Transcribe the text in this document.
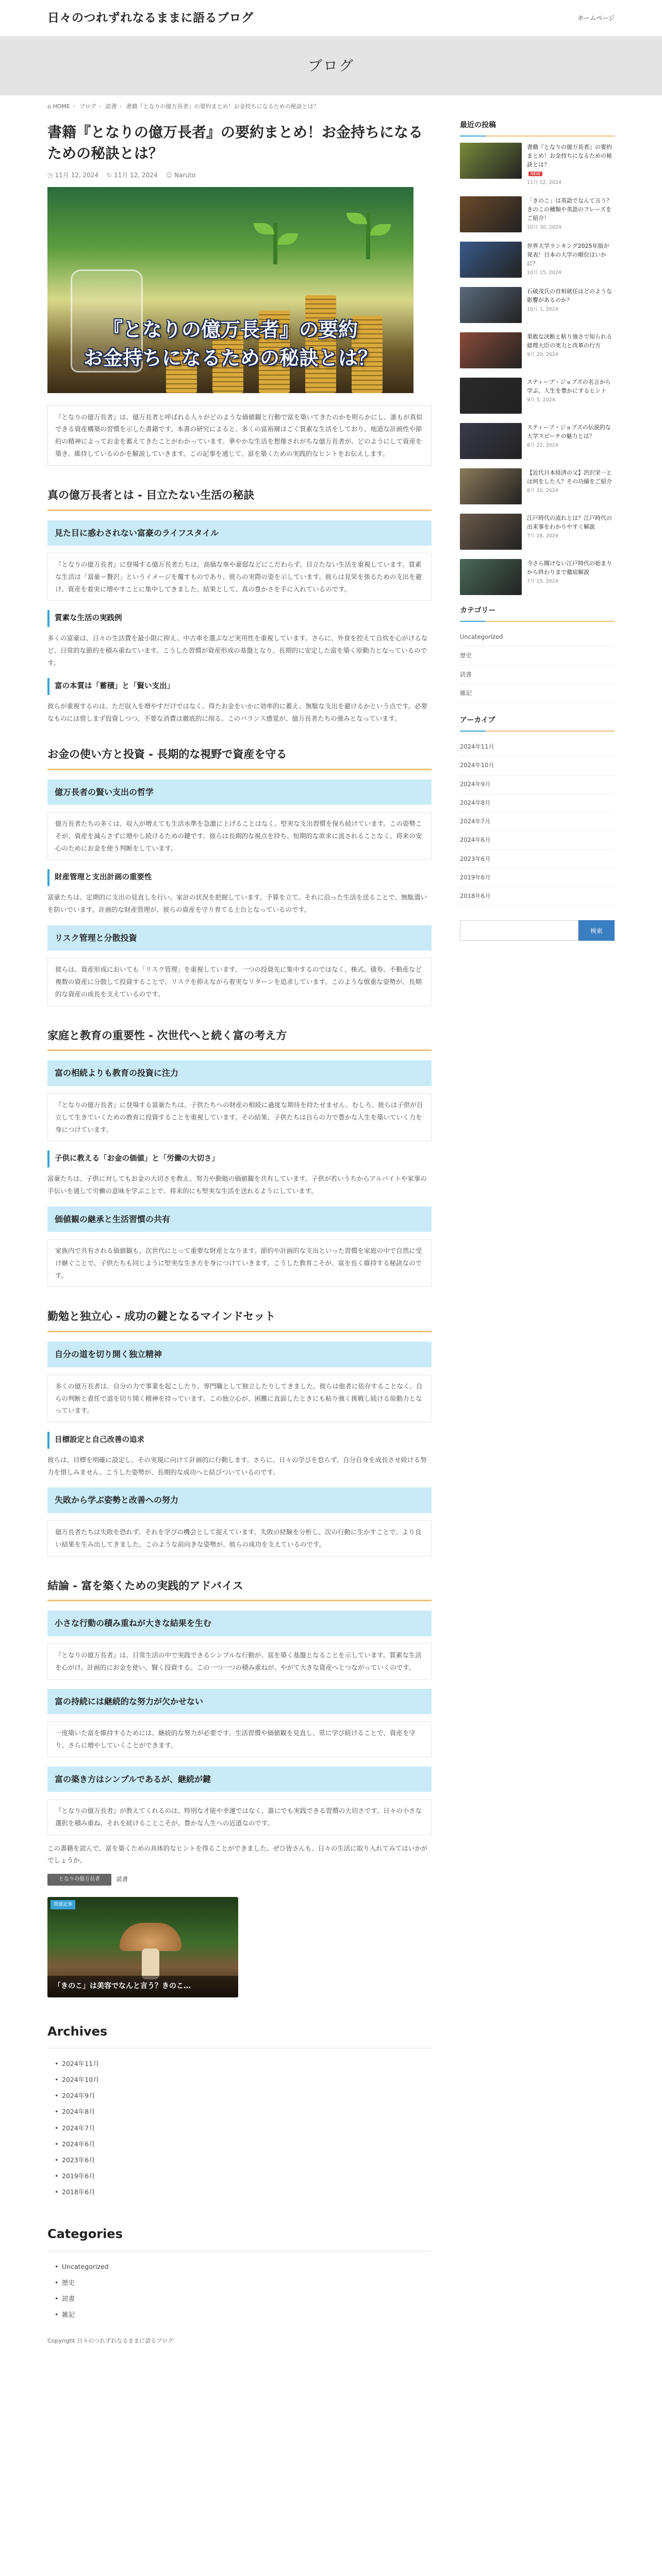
日々のつれずれなるままに語るブログ	ホームページ
ブログ
⌂ HOME › ブログ › 読書 › 書籍『となりの億万長者』の要約まとめ！お金持ちになるための秘訣とは？
書籍『となりの億万長者』の要約まとめ！お金持ちになるための秘訣とは？
◷ 11月 12, 2024 ↻ 11月 12, 2024 ☺ Naruto
『となりの億万長者』の要約
お金持ちになるための秘訣とは？
『となりの億万長者』は、億万長者と呼ばれる人々がどのような価値観と行動で富を築いてきたのかを明らかにし、誰もが真似できる資産構築の習慣を示した書籍です。本書の研究によると、多くの富裕層はごく質素な生活をしており、地道な計画性や節約の精神によってお金を蓄えてきたことがわかっています。華やかな生活を想像されがちな億万長者が、どのようにして資産を築き、維持しているのかを解説していきます。この記事を通じて、富を築くための実践的なヒントをお伝えします。
真の億万長者とは - 目立たない生活の秘訣
見た目に惑わされない富豪のライフスタイル
『となりの億万長者』に登場する億万長者たちは、高価な車や豪邸などにこだわらず、目立たない生活を重視しています。質素な生活は「富豪＝贅沢」というイメージを覆すものであり、彼らの実際の姿を示しています。彼らは見栄を張るための支出を避け、資産を着実に増やすことに集中してきました。結果として、真の豊かさを手に入れているのです。
質素な生活の実践例

多くの富豪は、日々の生活費を最小限に抑え、中古車を選ぶなど実用性を重視しています。さらに、外食を控えて自炊を心がけるなど、日常的な節約を積み重ねています。こうした習慣が資産形成の基盤となり、長期的に安定した富を築く原動力となっているのです。

富の本質は「蓄積」と「賢い支出」

彼らが重視するのは、ただ収入を増やすだけではなく、得たお金をいかに効率的に蓄え、無駄な支出を避けるかという点です。必要なものには惜しまず投資しつつ、不要な消費は徹底的に削る。このバランス感覚が、億万長者たちの強みとなっています。

お金の使い方と投資 - 長期的な視野で資産を守る
億万長者の賢い支出の哲学
億万長者たちの多くは、収入が増えても生活水準を急激に上げることはなく、堅実な支出習慣を保ち続けています。この姿勢こそが、資産を減らさずに増やし続けるための鍵です。彼らは長期的な視点を持ち、短期的な欲求に流されることなく、将来の安心のためにお金を使う判断をしています。
財産管理と支出計画の重要性

富豪たちは、定期的に支出の見直しを行い、家計の状況を把握しています。予算を立て、それに沿った生活を送ることで、無駄遣いを防いでいます。計画的な財産管理が、彼らの資産を守り育てる土台となっているのです。

リスク管理と分散投資
彼らは、資産形成においても「リスク管理」を重視しています。一つの投資先に集中するのではなく、株式、債券、不動産など複数の資産に分散して投資することで、リスクを抑えながら着実なリターンを追求しています。このような慎重な姿勢が、長期的な資産の成長を支えているのです。
家庭と教育の重要性 - 次世代へと続く富の考え方
富の相続よりも教育の投資に注力
『となりの億万長者』に登場する富豪たちは、子供たちへの財産の相続に過度な期待を持たせません。むしろ、彼らは子供が自立して生きていくための教育に投資することを重視しています。その結果、子供たちは自らの力で豊かな人生を築いていく力を身につけています。
子供に教える「お金の価値」と「労働の大切さ」

富豪たちは、子供に対してもお金の大切さを教え、努力や勤勉の価値観を共有しています。子供が若いうちからアルバイトや家事の手伝いを通して労働の意味を学ぶことで、将来的にも堅実な生活を送れるようにしています。

価値観の継承と生活習慣の共有
家族内で共有される価値観も、次世代にとって重要な財産となります。節約や計画的な支出といった習慣を家庭の中で自然に受け継ぐことで、子供たちも同じように堅実な生き方を身につけていきます。こうした教育こそが、富を長く維持する秘訣なのです。
勤勉と独立心 - 成功の鍵となるマインドセット
自分の道を切り開く独立精神
多くの億万長者は、自分の力で事業を起こしたり、専門職として独立したりしてきました。彼らは他者に依存することなく、自らの判断と責任で道を切り開く精神を持っています。この独立心が、困難に直面したときにも粘り強く挑戦し続ける原動力となっています。
目標設定と自己改善の追求

彼らは、目標を明確に設定し、その実現に向けて計画的に行動します。さらに、日々の学びを怠らず、自分自身を成長させ続ける努力を惜しみません。こうした姿勢が、長期的な成功へと結びついているのです。

失敗から学ぶ姿勢と改善への努力
億万長者たちは失敗を恐れず、それを学びの機会として捉えています。失敗の経験を分析し、次の行動に生かすことで、より良い結果を生み出してきました。このような前向きな姿勢が、彼らの成功を支えているのです。
結論 - 富を築くための実践的アドバイス
小さな行動の積み重ねが大きな結果を生む
『となりの億万長者』は、日常生活の中で実践できるシンプルな行動が、富を築く基盤となることを示しています。質素な生活を心がけ、計画的にお金を使い、賢く投資する。この一つ一つの積み重ねが、やがて大きな資産へとつながっていくのです。
富の持続には継続的な努力が欠かせない
一度築いた富を維持するためには、継続的な努力が必要です。生活習慣や価値観を見直し、常に学び続けることで、資産を守り、さらに増やしていくことができます。
富の築き方はシンプルであるが、継続が鍵
『となりの億万長者』が教えてくれるのは、特別な才能や幸運ではなく、誰にでも実践できる習慣の大切さです。日々の小さな選択を積み重ね、それを続けることこそが、豊かな人生への近道なのです。

この書籍を読んで、富を築くための具体的なヒントを得ることができました。ぜひ皆さんも、日々の生活に取り入れてみてはいかがでしょうか。

となりの億万長者	読書
関連記事
「きのこ」は美容でなんと言う？きのこ…
Archives
• 2024年11月
• 2024年10月
• 2024年9月
• 2024年8月
• 2024年7月
• 2024年6月
• 2023年6月
• 2019年6月
• 2018年6月
Categories
• Uncategorized
• 歴史
• 読書
• 雑記
Copyright 日々のつれずれなるままに語るブログ
最近の投稿
書籍『となりの億万長者』の要約まとめ！お金持ちになるための秘訣とは？
NEW
11月 12, 2024
「きのこ」は英語でなんて言う？きのこの種類や英語のフレーズをご紹介！
10月 30, 2024
世界大学ランキング2025年版が発表！日本の大学の順位はいかに？
10月 15, 2024
石破茂氏の首相就任はどのような影響があるのか？
10月 1, 2024
果敢な決断と粘り強さで知られる総理大臣の実力と改革の行方
9月 20, 2024
スティーブ・ジョブズの名言から学ぶ、人生を豊かにするヒント
9月 5, 2024
スティーブ・ジョブズの伝説的な大学スピーチの魅力とは？
8月 22, 2024
【近代日本経済の父】渋沢栄一とは何をした人？その功績をご紹介
8月 10, 2024
江戸時代の流れとは？江戸時代の出来事をわかりやすく解説
7月 28, 2024
今さら聞けない江戸時代の始まりから終わりまで徹底解説
7月 15, 2024
カテゴリー
Uncategorized
歴史
読書
雑記
アーカイブ
2024年11月
2024年10月
2024年9月
2024年8月
2024年7月
2024年6月
2023年6月
2019年6月
2018年6月
検索
